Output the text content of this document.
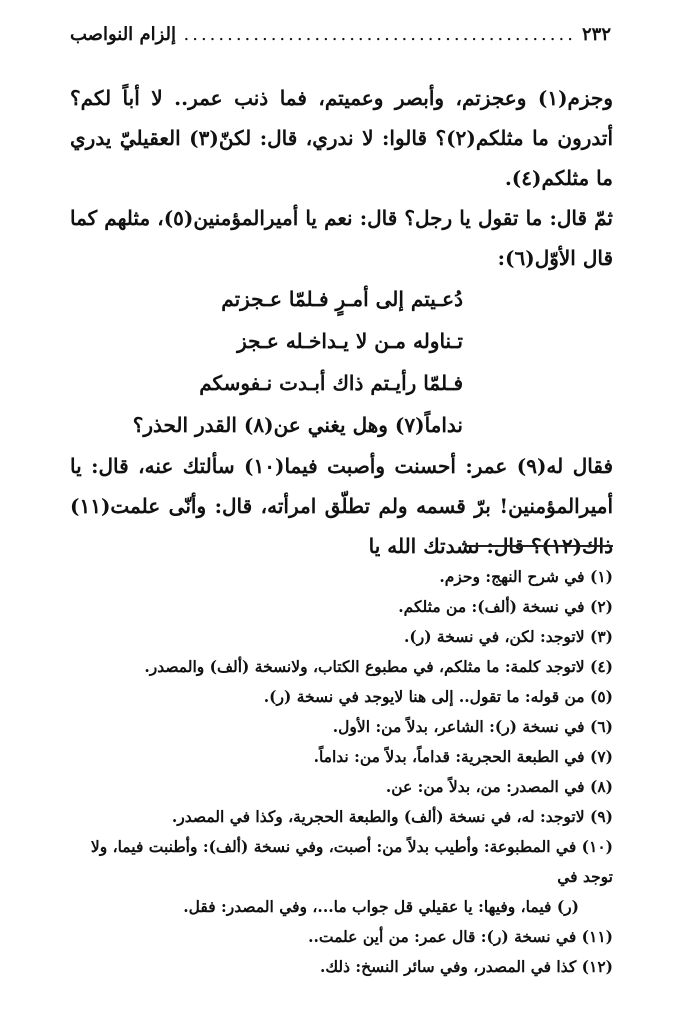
٢٣٢
.....
إلزام النواصب

وجزم(١) وعجزتم، وأبصر وعميتم، فما ذنب عمر.. لا أباً لكم؟ أتدرون ما مثلكم(٢)؟ قالوا: لا ندري، قال: لكنّ(٣) العقيليّ يدري ما مثلكم(٤).

ثمّ قال: ما تقول يا رجل؟ قال: نعم يا أميرالمؤمنين(٥)، مثلهم كما قال الأوّل(٦):

دُعـيتم إلى أمـرٍ فـلمّا عـجزتم

تـناوله مـن لا يـداخـله عـجز

فـلمّا رأيـتم ذاك أبـدت نـفوسكم

نداماً(٧) وهل يغني عن(٨) القدر الحذر؟

فقال له(٩) عمر: أحسنت وأصبت فيما(١٠) سألتك عنه، قال: يا أميرالمؤمنين! برّ قسمه ولم تطلّق امرأته، قال: وأنّى علمت(١١) ذاك(١٢)؟ قال: نشدتك الله يا

(١) في شرح النهج: وحزم.
(٢) في نسخة (ألف): من مثلكم.
(٣) لاتوجد: لكن، في نسخة (ر).
(٤) لاتوجد كلمة: ما مثلكم، في مطبوع الكتاب، ولانسخة (ألف) والمصدر.
(٥) من قوله: ما تقول.. إلى هنا لايوجد في نسخة (ر).
(٦) في نسخة (ر): الشاعر، بدلاً من: الأول.
(٧) في الطبعة الحجرية: قداماً، بدلاً من: نداماً.
(٨) في المصدر: من، بدلاً من: عن.
(٩) لاتوجد: له، في نسخة (ألف) والطبعة الحجرية، وكذا في المصدر.
(١٠) في المطبوعة: وأطيب بدلاً من: أصبت، وفي نسخة (ألف): وأطنبت فيما، ولا توجد في
(ر) فيما، وفيها: يا عقيلي قل جواب ما...، وفي المصدر: فقل.
(١١) في نسخة (ر): قال عمر: من أين علمت..
(١٢) كذا في المصدر، وفي سائر النسخ: ذلك.
